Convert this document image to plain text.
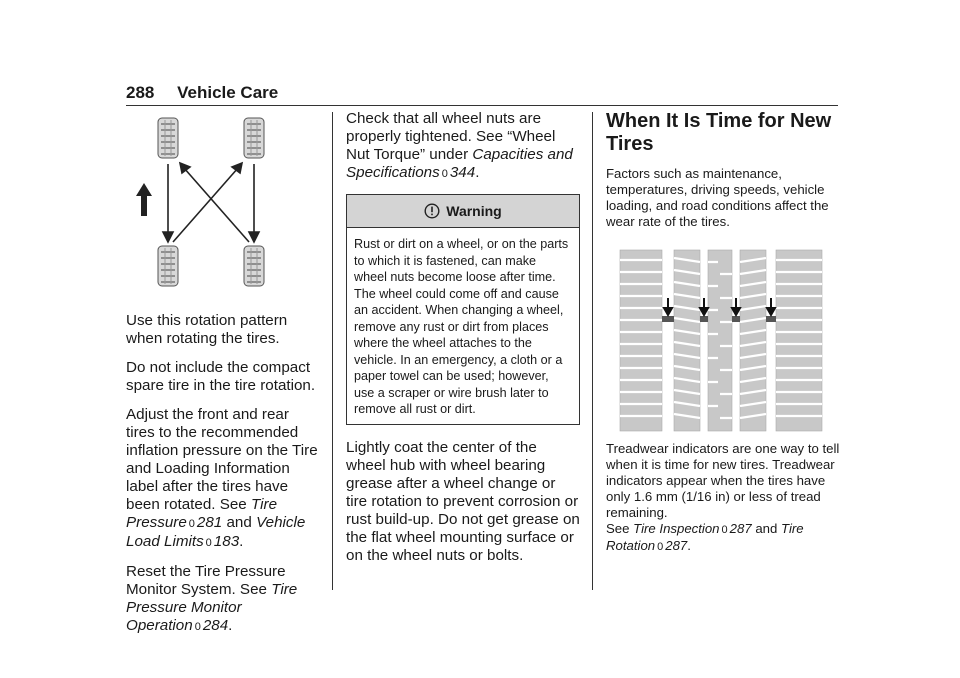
288 Vehicle Care

Use this rotation pattern when rotating the tires.

Do not include the compact spare tire in the tire rotation.

Adjust the front and rear tires to the recommended inflation pressure on the Tire and Loading Information label after the tires have been rotated. See Tire Pressure 0 281 and Vehicle Load Limits 0 183.

Reset the Tire Pressure Monitor System. See Tire Pressure Monitor Operation 0 284.

Check that all wheel nuts are properly tightened. See “Wheel Nut Torque” under Capacities and Specifications 0 344.

Warning

Rust or dirt on a wheel, or on the parts to which it is fastened, can make wheel nuts become loose after time. The wheel could come off and cause an accident. When changing a wheel, remove any rust or dirt from places where the wheel attaches to the vehicle. In an emergency, a cloth or a paper towel can be used; however, use a scraper or wire brush later to remove all rust or dirt.

Lightly coat the center of the wheel hub with wheel bearing grease after a wheel change or tire rotation to prevent corrosion or rust build-up. Do not get grease on the flat wheel mounting surface or on the wheel nuts or bolts.

When It Is Time for New Tires

Factors such as maintenance, temperatures, driving speeds, vehicle loading, and road conditions affect the wear rate of the tires.

Treadwear indicators are one way to tell when it is time for new tires. Treadwear indicators appear when the tires have only 1.6 mm (1/16 in) or less of tread remaining.

See Tire Inspection 0 287 and Tire Rotation 0 287.
